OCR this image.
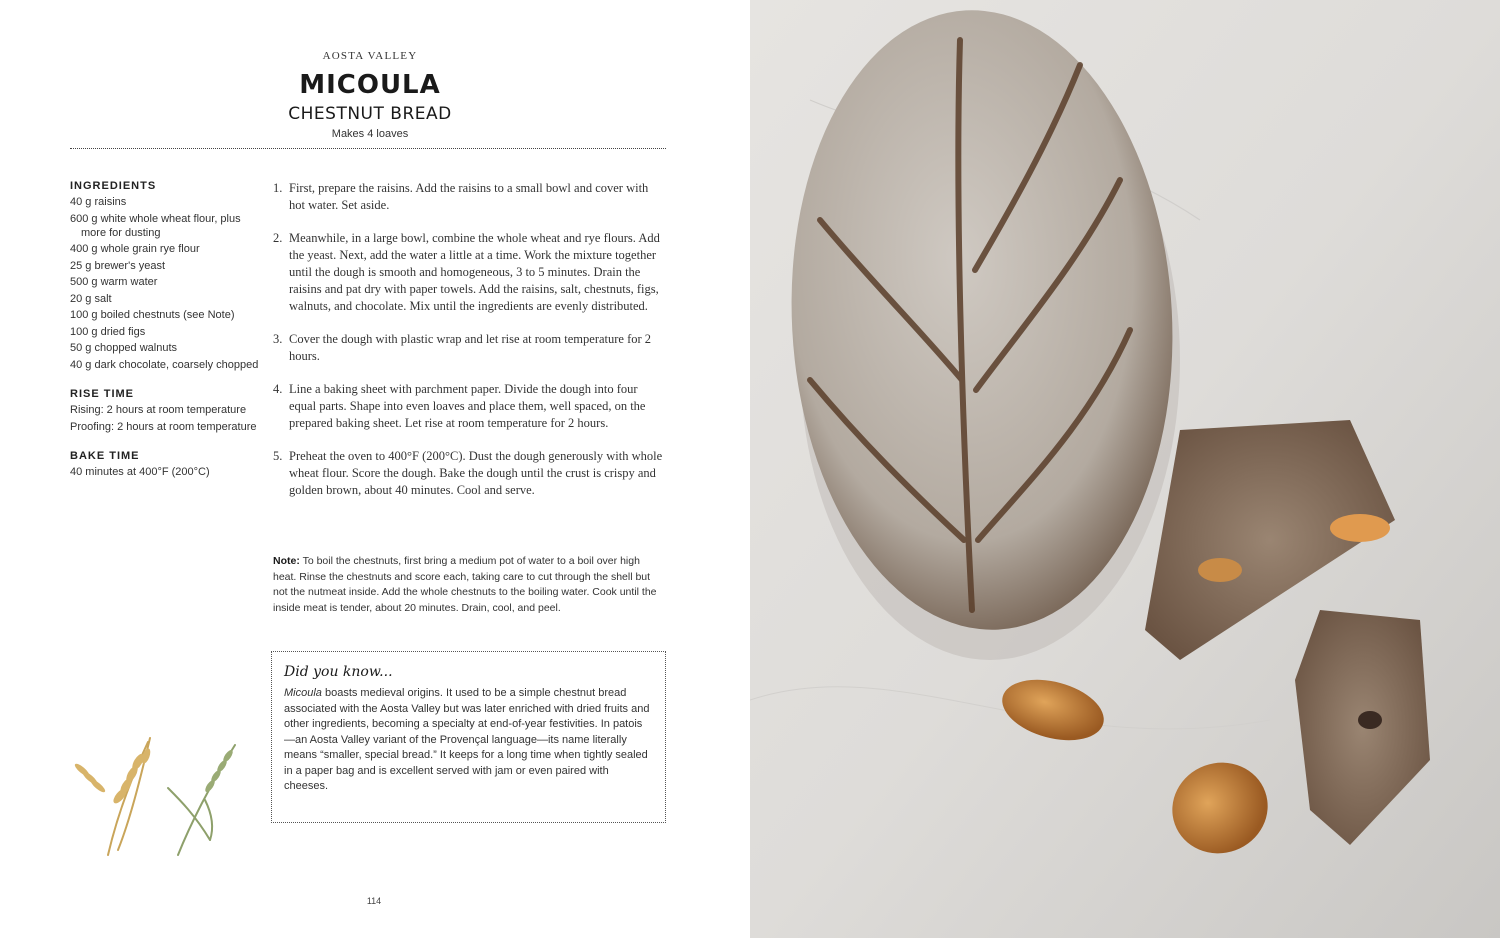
AOSTA VALLEY
MICOULA
CHESTNUT BREAD
Makes 4 loaves
INGREDIENTS
40 g raisins
600 g white whole wheat flour, plus more for dusting
400 g whole grain rye flour
25 g brewer's yeast
500 g warm water
20 g salt
100 g boiled chestnuts (see Note)
100 g dried figs
50 g chopped walnuts
40 g dark chocolate, coarsely chopped
RISE TIME
Rising: 2 hours at room temperature
Proofing: 2 hours at room temperature
BAKE TIME
40 minutes at 400°F (200°C)
1. First, prepare the raisins. Add the raisins to a small bowl and cover with hot water. Set aside.
2. Meanwhile, in a large bowl, combine the whole wheat and rye flours. Add the yeast. Next, add the water a little at a time. Work the mixture together until the dough is smooth and homogeneous, 3 to 5 minutes. Drain the raisins and pat dry with paper towels. Add the raisins, salt, chestnuts, figs, walnuts, and chocolate. Mix until the ingredients are evenly distributed.
3. Cover the dough with plastic wrap and let rise at room temperature for 2 hours.
4. Line a baking sheet with parchment paper. Divide the dough into four equal parts. Shape into even loaves and place them, well spaced, on the prepared baking sheet. Let rise at room temperature for 2 hours.
5. Preheat the oven to 400°F (200°C). Dust the dough generously with whole wheat flour. Score the dough. Bake the dough until the crust is crispy and golden brown, about 40 minutes. Cool and serve.
Note: To boil the chestnuts, first bring a medium pot of water to a boil over high heat. Rinse the chestnuts and score each, taking care to cut through the shell but not the nutmeat inside. Add the whole chestnuts to the boiling water. Cook until the inside meat is tender, about 20 minutes. Drain, cool, and peel.
Did you know...
Micoula boasts medieval origins. It used to be a simple chestnut bread associated with the Aosta Valley but was later enriched with dried fruits and other ingredients, becoming a specialty at end-of-year festivities. In patois—an Aosta Valley variant of the Provençal language—its name literally means “smaller, special bread.” It keeps for a long time when tightly sealed in a paper bag and is excellent served with jam or even paired with cheeses.
114
